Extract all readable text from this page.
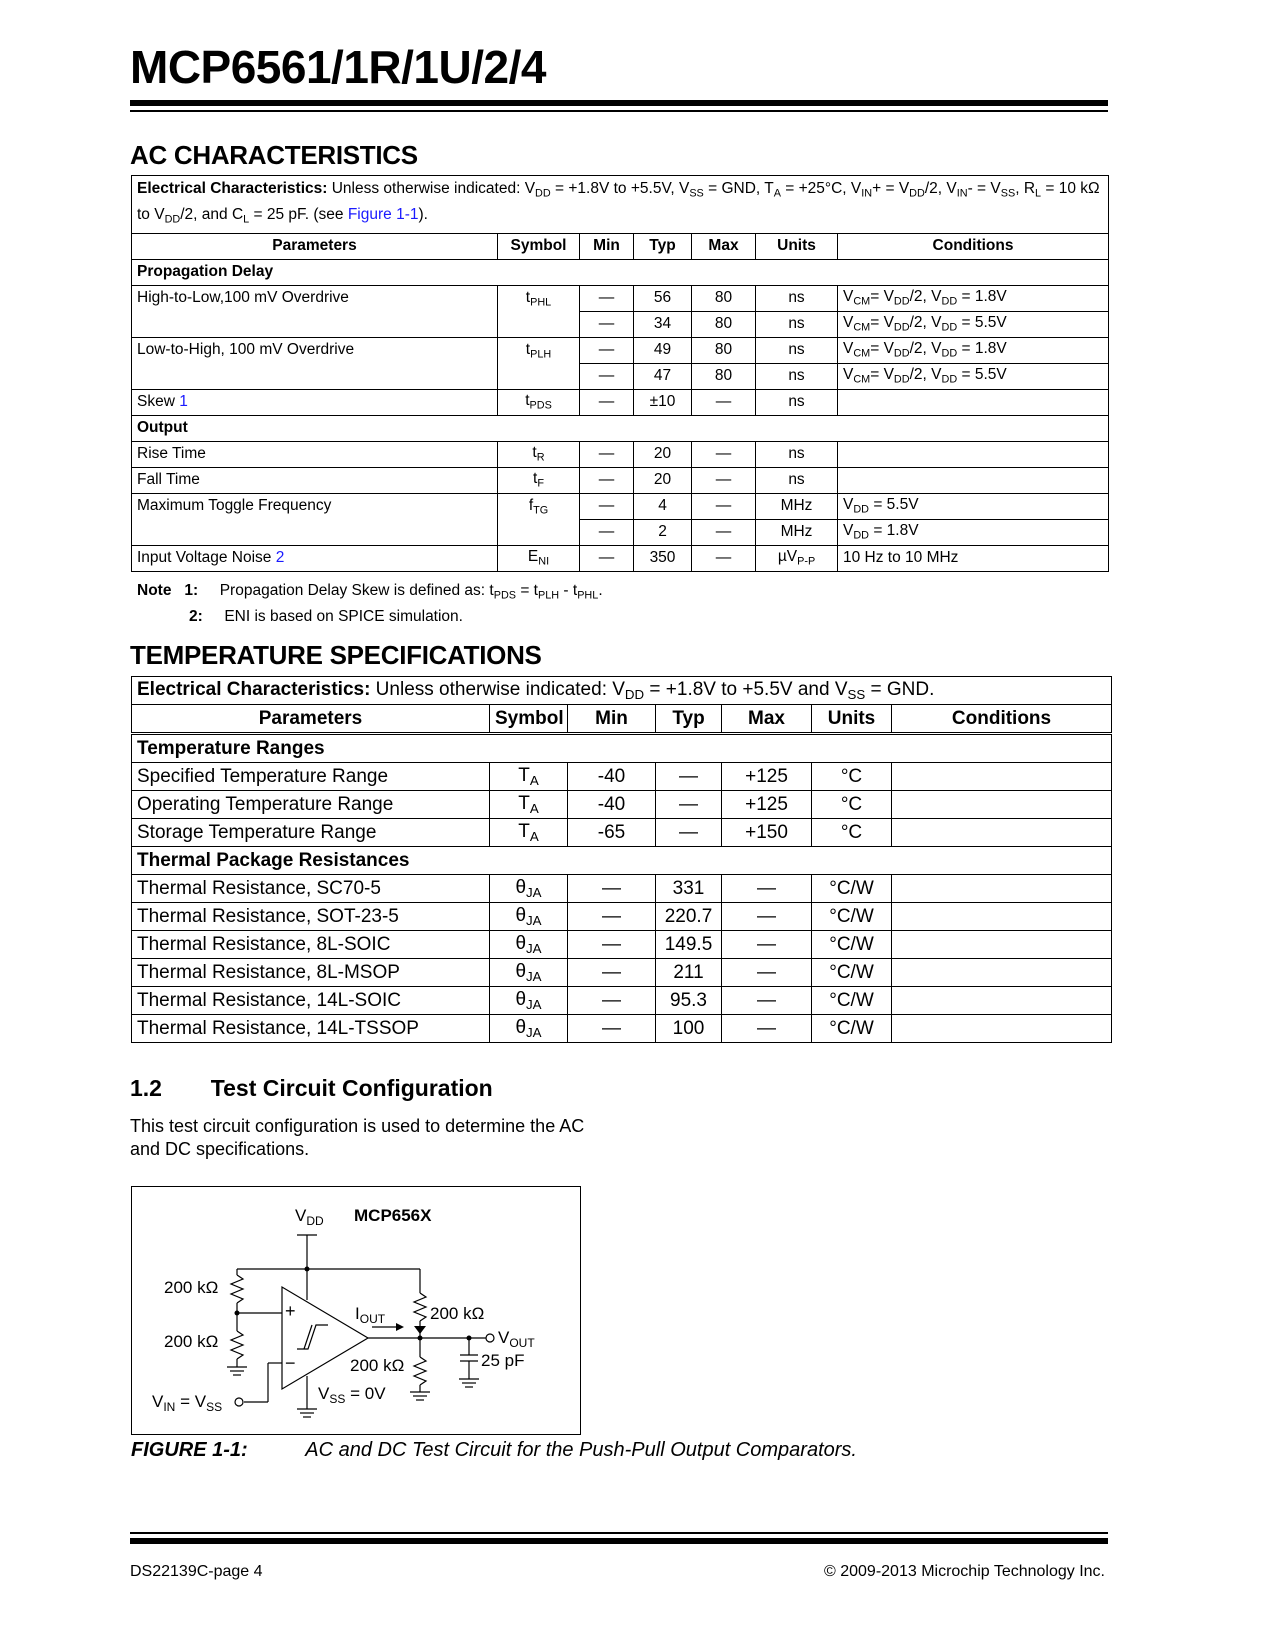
MCP6561/1R/1U/2/4
AC CHARACTERISTICS
Electrical Characteristics: Unless otherwise indicated: $V_{DD} = +1.8V$ to +5.5V, $V_{SS}$ = GND, $T_A = +25^\circ C$, $V_{IN}+ = V_{DD}/2$, $V_{IN}- = V_{SS}$, $R_L = 10$ kΩ to $V_{DD}/2$, and $C_L = 25$ pF. (see Figure 1-1).						
Parameters	Symbol	Min	Typ	Max	Units	Conditions
Propagation Delay						
High-to-Low,100 mV Overdrive	$t_{PHL}$	—	56	80	ns	$V_{CM}= V_{DD}/2$, $V_{DD} = 1.8V$
		—	34	80	ns	$V_{CM}= V_{DD}/2$, $V_{DD} = 5.5V$
Low-to-High, 100 mV Overdrive	$t_{PLH}$	—	49	80	ns	$V_{CM}= V_{DD}/2$, $V_{DD} = 1.8V$
		—	47	80	ns	$V_{CM}= V_{DD}/2$, $V_{DD} = 5.5V$
Skew 1	$t_{PDS}$	—	±10	—	ns	
Output						
Rise Time	$t_R$	—	20	—	ns	
Fall Time	$t_F$	—	20	—	ns	
Maximum Toggle Frequency	$f_{TG}$	—	4	—	MHz	$V_{DD} = 5.5V$
		—	2	—	MHz	$V_{DD} = 1.8V$
Input Voltage Noise 2	$E_{NI}$	—	350	—	µV$_{P-P}$	10 Hz to 10 MHz
Note 1: Propagation Delay Skew is defined as: $t_{PDS} = t_{PLH} - t_{PHL}$.
2: ENI is based on SPICE simulation.
TEMPERATURE SPECIFICATIONS
Electrical Characteristics: Unless otherwise indicated: $V_{DD} = +1.8V$ to +5.5V and $V_{SS}$ = GND.						
Parameters	Symbol	Min	Typ	Max	Units	Conditions
Temperature Ranges						
Specified Temperature Range	$T_A$	-40	—	+125	°C	
Operating Temperature Range	$T_A$	-40	—	+125	°C	
Storage Temperature Range	$T_A$	-65	—	+150	°C	
Thermal Package Resistances						
Thermal Resistance, SC70-5	$\theta_{JA}$	—	331	—	°C/W	
Thermal Resistance, SOT-23-5	$\theta_{JA}$	—	220.7	—	°C/W	
Thermal Resistance, 8L-SOIC	$\theta_{JA}$	—	149.5	—	°C/W	
Thermal Resistance, 8L-MSOP	$\theta_{JA}$	—	211	—	°C/W	
Thermal Resistance, 14L-SOIC	$\theta_{JA}$	—	95.3	—	°C/W	
Thermal Resistance, 14L-TSSOP	$\theta_{JA}$	—	100	—	°C/W	
1.2 Test Circuit Configuration
This test circuit configuration is used to determine the AC and DC specifications.
$V_{DD}$ MCP656X
200 kΩ
200 kΩ
200 kΩ
200 kΩ	25 pF
$I_{OUT}$
$V_{OUT}$
$V_{IN} = V_{SS}$
$V_{SS} = 0V$
+
−
FIGURE 1-1:	AC and DC Test Circuit for the Push-Pull Output Comparators.
DS22139C-page 4	© 2009-2013 Microchip Technology Inc.
